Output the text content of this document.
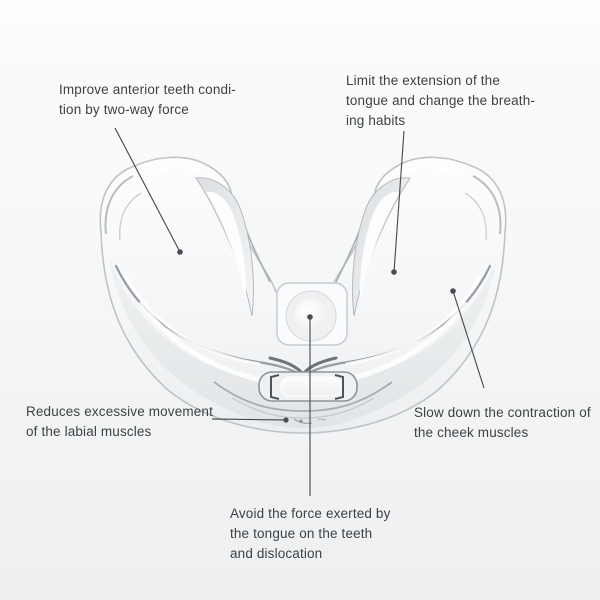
Improve anterior teeth condi-
tion by two-way force
Limit the extension of the
tongue and change the breath-
ing habits
Reduces excessive movement
of the labial muscles
Slow down the contraction of
the cheek muscles
Avoid the force exerted by
the tongue on the teeth
and dislocation
